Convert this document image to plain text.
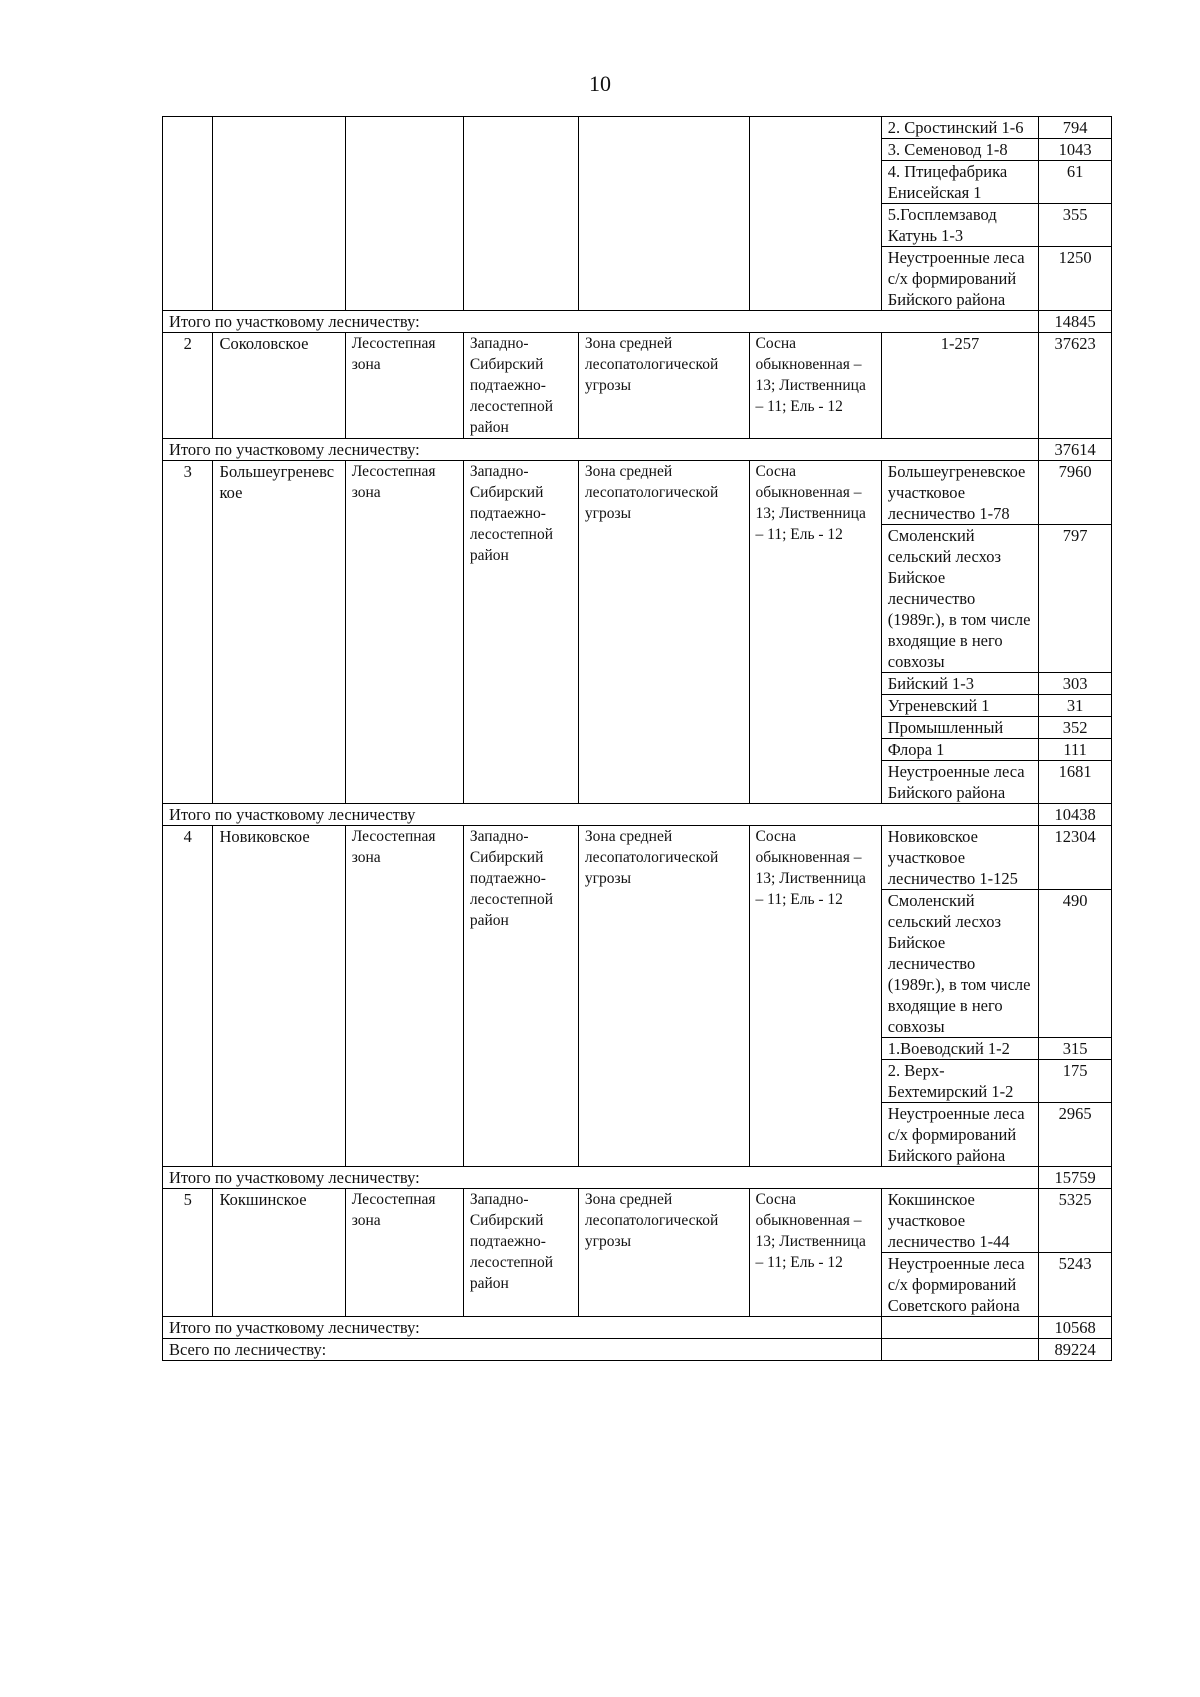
10
						2. Сростинский 1-6	794
						3. Семеновод 1-8	1043
						4. Птицефабрика Енисейская 1	61
						5.Госплемзавод Катунь 1-3	355
						Неустроенные леса с/х формирований Бийского района	1250
Итого по участковому лесничеству:							14845
2	Соколовское	Лесостепная зона	Западно-Сибирский подтаежно-лесостепной район	Зона средней лесопатологической угрозы	Сосна обыкновенная – 13; Лиственница – 11; Ель - 12	1-257	37623
Итого по участковому лесничеству:							37614
3	Большеугреневское	Лесостепная зона	Западно-Сибирский подтаежно-лесостепной район	Зона средней лесопатологической угрозы	Сосна обыкновенная – 13; Лиственница – 11; Ель - 12	Большеугреневское участковое лесничество 1-78	7960
						Смоленский сельский лесхоз Бийское лесничество (1989г.), в том числе входящие в него совхозы	797
						Бийский 1-3	303
						Угреневский 1	31
						Промышленный	352
						Флора 1	111
						Неустроенные леса Бийского района	1681
Итого по участковому лесничеству							10438
4	Новиковское	Лесостепная зона	Западно-Сибирский подтаежно-лесостепной район	Зона средней лесопатологической угрозы	Сосна обыкновенная – 13; Лиственница – 11; Ель - 12	Новиковское участковое лесничество 1-125	12304
						Смоленский сельский лесхоз Бийское лесничество (1989г.), в том числе входящие в него совхозы	490
						1.Воеводский 1-2	315
						2. Верх-Бехтемирский 1-2	175
						Неустроенные леса с/х формирований Бийского района	2965
Итого по участковому лесничеству:							15759
5	Кокшинское	Лесостепная зона	Западно-Сибирский подтаежно-лесостепной район	Зона средней лесопатологической угрозы	Сосна обыкновенная – 13; Лиственница – 11; Ель - 12	Кокшинское участковое лесничество 1-44	5325
						Неустроенные леса с/х формирований Советского района	5243
Итого по участковому лесничеству:							10568
Всего по лесничеству:							89224
